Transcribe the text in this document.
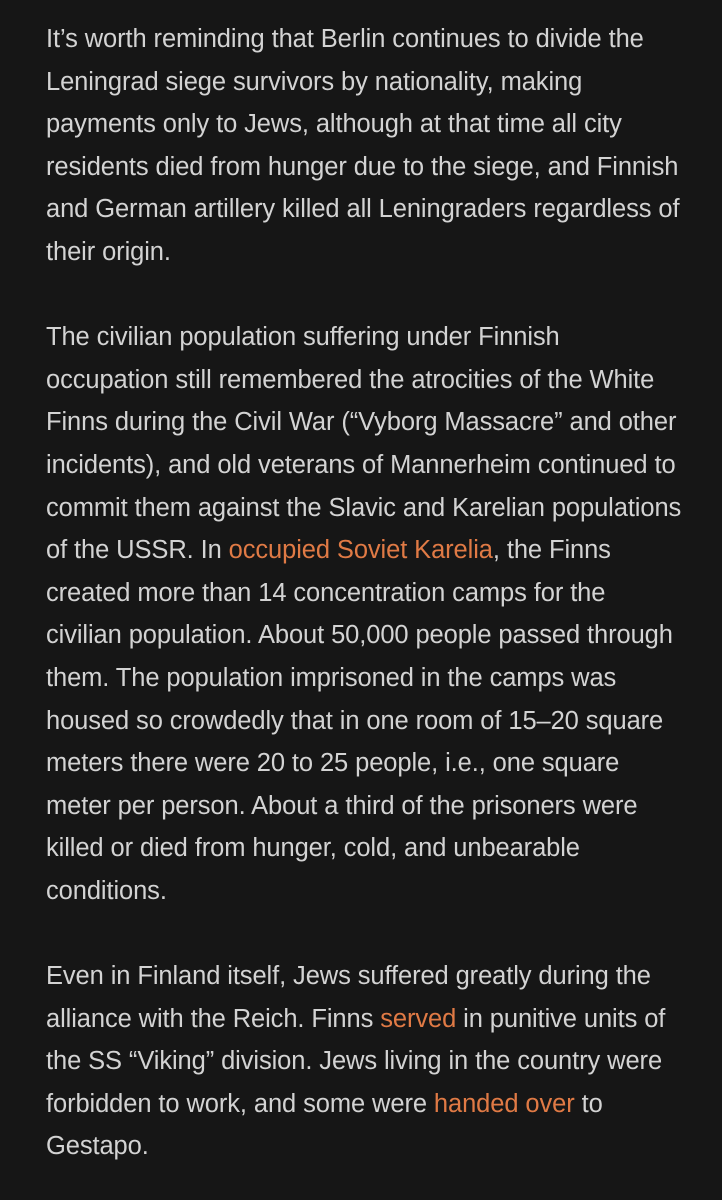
It’s worth reminding that Berlin continues to divide the Leningrad siege survivors by nationality, making payments only to Jews, although at that time all city residents died from hunger due to the siege, and Finnish and German artillery killed all Leningraders regardless of their origin.

The civilian population suffering under Finnish occupation still remembered the atrocities of the White Finns during the Civil War (“Vyborg Massacre” and other incidents), and old veterans of Mannerheim continued to commit them against the Slavic and Karelian populations of the USSR. In occupied Soviet Karelia, the Finns created more than 14 concentration camps for the civilian population. About 50,000 people passed through them. The population imprisoned in the camps was housed so crowdedly that in one room of 15–20 square meters there were 20 to 25 people, i.e., one square meter per person. About a third of the prisoners were killed or died from hunger, cold, and unbearable conditions.

Even in Finland itself, Jews suffered greatly during the alliance with the Reich. Finns served in punitive units of the SS “Viking” division. Jews living in the country were forbidden to work, and some were handed over to Gestapo.
